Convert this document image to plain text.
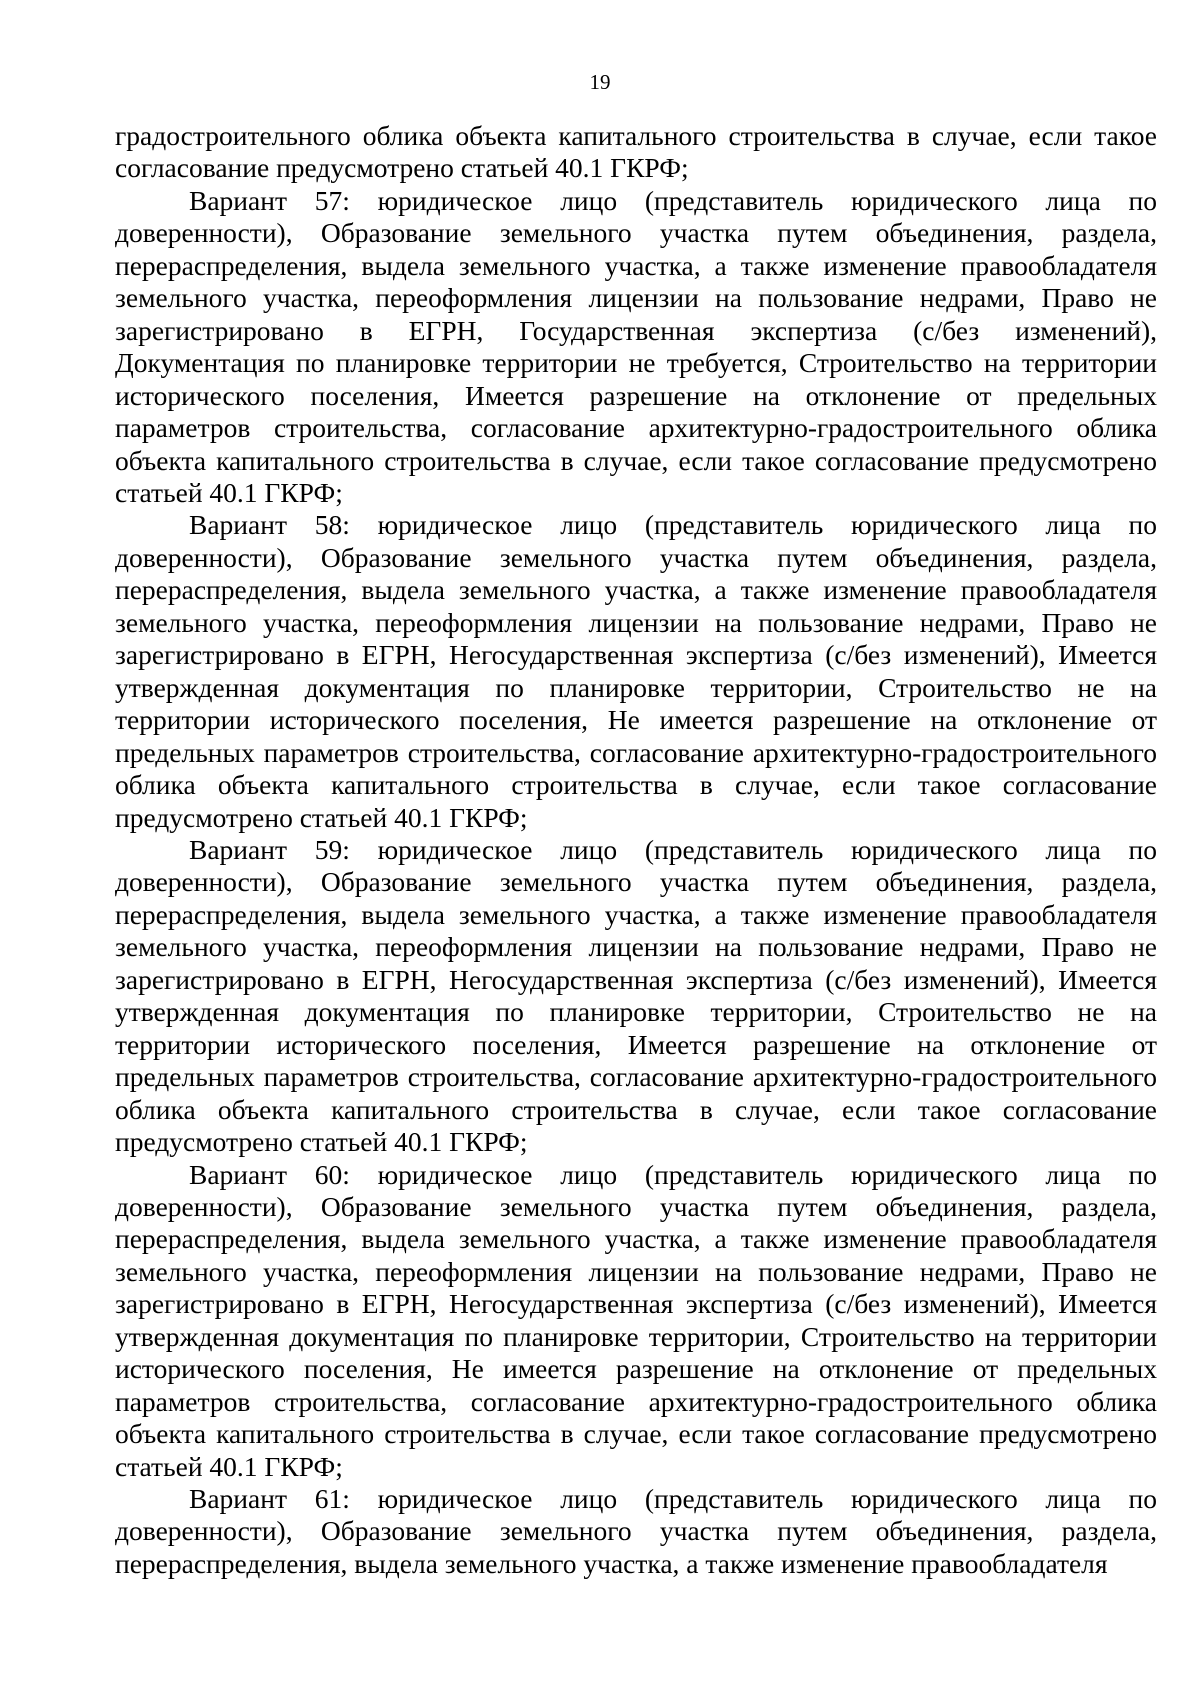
19

градостроительного облика объекта капитального строительства в случае, если такое согласование предусмотрено статьей 40.1 ГКРФ;

Вариант 57: юридическое лицо (представитель юридического лица по доверенности), Образование земельного участка путем объединения, раздела, перераспределения, выдела земельного участка, а также изменение правообладателя земельного участка, переоформления лицензии на пользование недрами, Право не зарегистрировано в ЕГРН, Государственная экспертиза (с/без изменений), Документация по планировке территории не требуется, Строительство на территории исторического поселения, Имеется разрешение на отклонение от предельных параметров строительства, согласование архитектурно-градостроительного облика объекта капитального строительства в случае, если такое согласование предусмотрено статьей 40.1 ГКРФ;

Вариант 58: юридическое лицо (представитель юридического лица по доверенности), Образование земельного участка путем объединения, раздела, перераспределения, выдела земельного участка, а также изменение правообладателя земельного участка, переоформления лицензии на пользование недрами, Право не зарегистрировано в ЕГРН, Негосударственная экспертиза (с/без изменений), Имеется утвержденная документация по планировке территории, Строительство не на территории исторического поселения, Не имеется разрешение на отклонение от предельных параметров строительства, согласование архитектурно-градостроительного облика объекта капитального строительства в случае, если такое согласование предусмотрено статьей 40.1 ГКРФ;

Вариант 59: юридическое лицо (представитель юридического лица по доверенности), Образование земельного участка путем объединения, раздела, перераспределения, выдела земельного участка, а также изменение правообладателя земельного участка, переоформления лицензии на пользование недрами, Право не зарегистрировано в ЕГРН, Негосударственная экспертиза (с/без изменений), Имеется утвержденная документация по планировке территории, Строительство не на территории исторического поселения, Имеется разрешение на отклонение от предельных параметров строительства, согласование архитектурно-градостроительного облика объекта капитального строительства в случае, если такое согласование предусмотрено статьей 40.1 ГКРФ;

Вариант 60: юридическое лицо (представитель юридического лица по доверенности), Образование земельного участка путем объединения, раздела, перераспределения, выдела земельного участка, а также изменение правообладателя земельного участка, переоформления лицензии на пользование недрами, Право не зарегистрировано в ЕГРН, Негосударственная экспертиза (с/без изменений), Имеется утвержденная документация по планировке территории, Строительство на территории исторического поселения, Не имеется разрешение на отклонение от предельных параметров строительства, согласование архитектурно-градостроительного облика объекта капитального строительства в случае, если такое согласование предусмотрено статьей 40.1 ГКРФ;

Вариант 61: юридическое лицо (представитель юридического лица по доверенности), Образование земельного участка путем объединения, раздела, перераспределения, выдела земельного участка, а также изменение правообладателя
